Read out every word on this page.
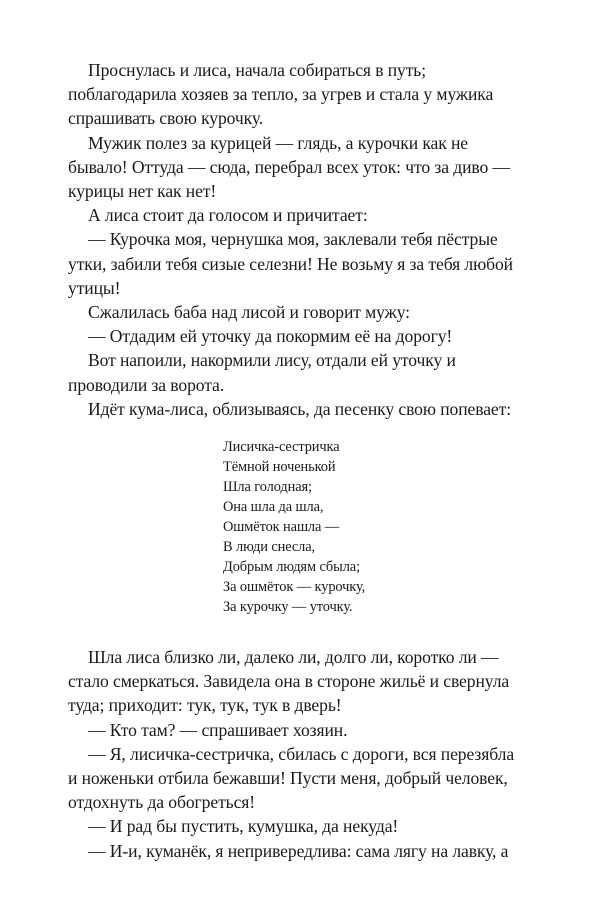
Проснулась и лиса, начала собираться в путь;
поблагодарила хозяев за тепло, за угрев и стала у мужика
спрашивать свою курочку.

Мужик полез за курицей — глядь, а курочки как не
бывало! Оттуда — сюда, перебрал всех уток: что за диво —
курицы нет как нет!

А лиса стоит да голосом и причитает:

— Курочка моя, чернушка моя, заклевали тебя пёстрые
утки, забили тебя сизые селезни! Не возьму я за тебя любой
утицы!

Сжалилась баба над лисой и говорит мужу:

— Отдадим ей уточку да покормим её на дорогу!

Вот напоили, накормили лису, отдали ей уточку и
проводили за ворота.

Идёт кума-лиса, облизываясь, да песенку свою попевает:

Лисичка-сестричка
Тёмной ноченькой
Шла голодная;
Она шла да шла,
Ошмёток нашла —
В люди снесла,
Добрым людям сбыла;
За ошмёток — курочку,
За курочку — уточку.

Шла лиса близко ли, далеко ли, долго ли, коротко ли —
стало смеркаться. Завидела она в стороне жильё и свернула
туда; приходит: тук, тук, тук в дверь!

— Кто там? — спрашивает хозяин.

— Я, лисичка-сестричка, сбилась с дороги, вся перезябла
и ноженьки отбила бежавши! Пусти меня, добрый человек,
отдохнуть да обогреться!

— И рад бы пустить, кумушка, да некуда!

— И-и, куманёк, я непривередлива: сама лягу на лавку, а
